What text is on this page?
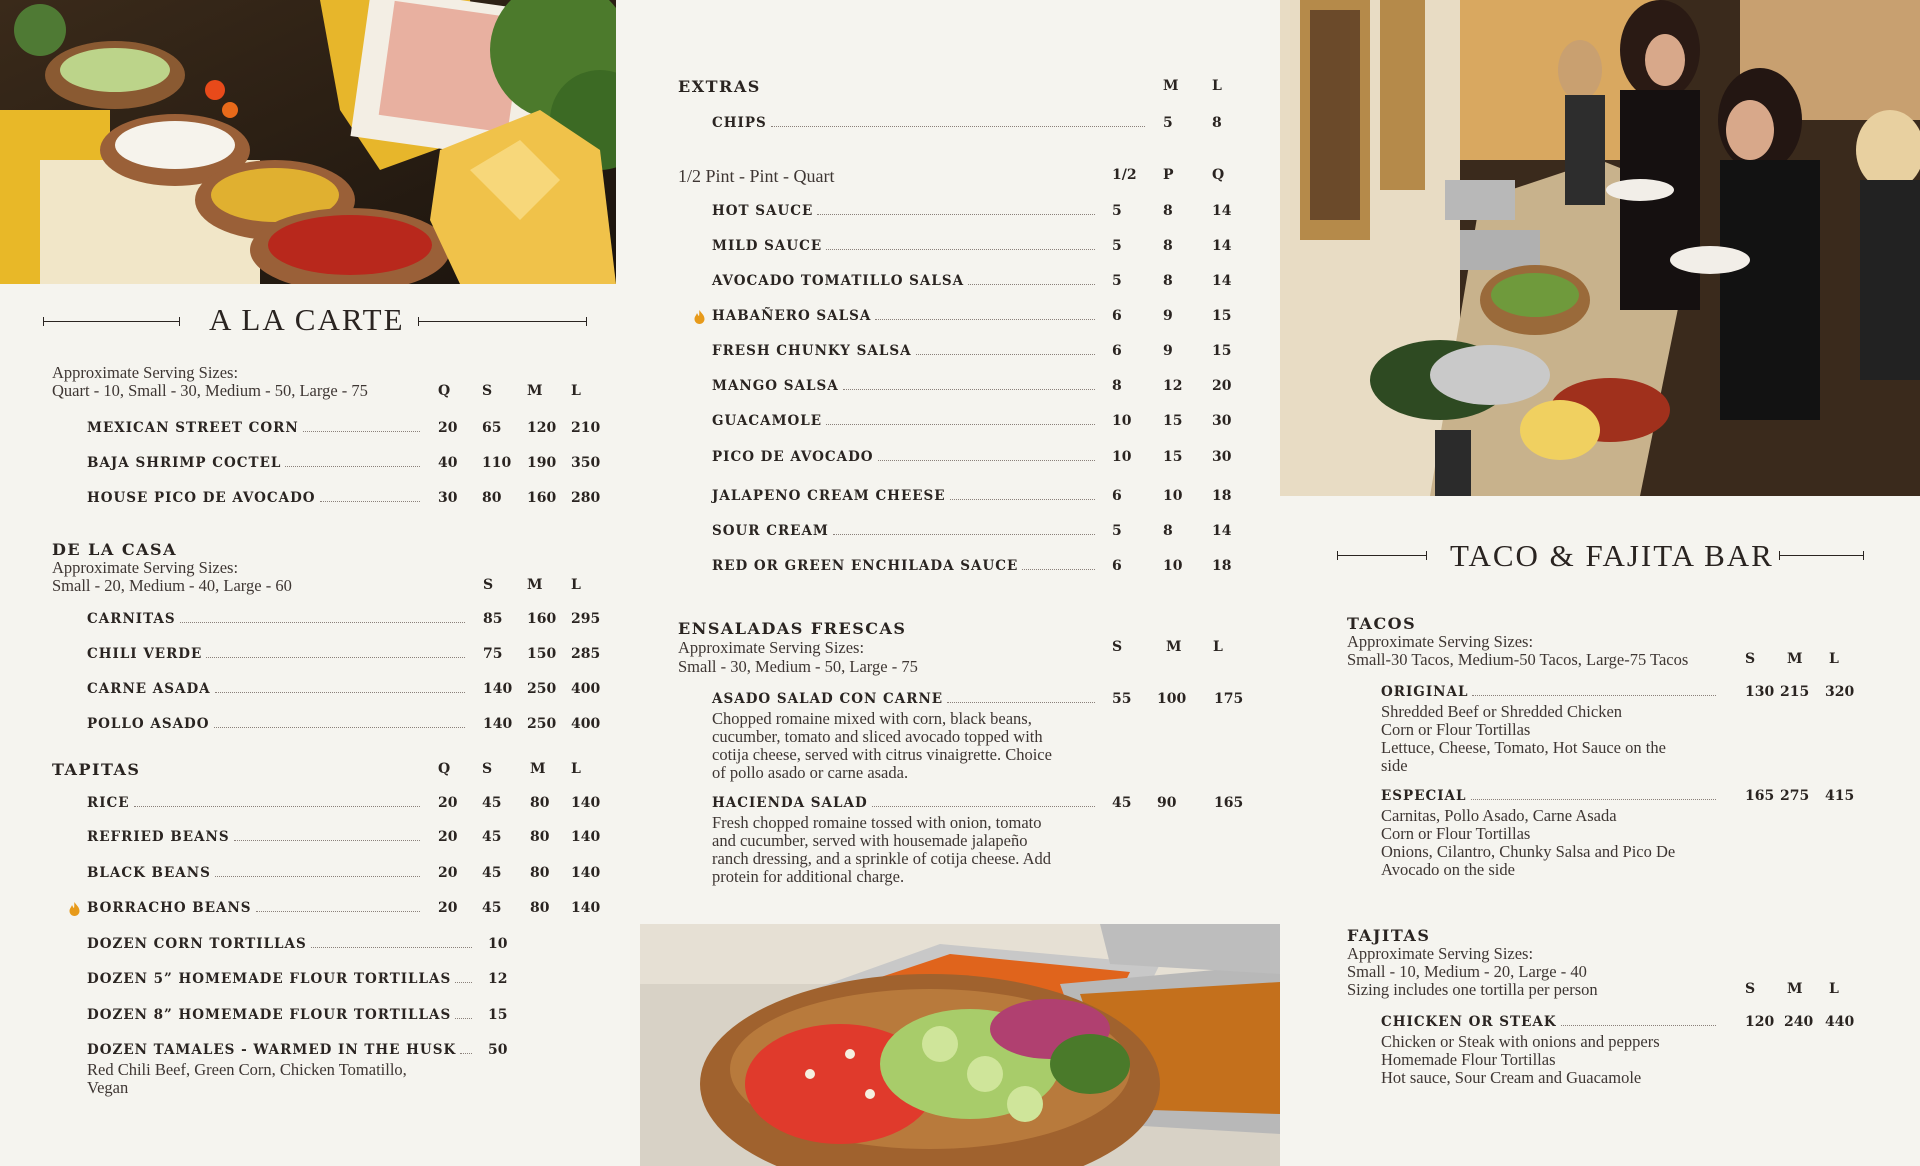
A LA CARTE
Approximate Serving Sizes:
Quart - 10, Small - 30, Medium - 50, Large - 75	Q S M L
MEXICAN STREET CORN	20 65 120 210
BAJA SHRIMP COCTEL	40 110 190 350
HOUSE PICO DE AVOCADO	30 80 160 280
DE LA CASA
Approximate Serving Sizes:
Small - 20, Medium - 40, Large - 60	S M L
CARNITAS	85 160 295
CHILI VERDE	75 150 285
CARNE ASADA	140 250 400
POLLO ASADO	140 250 400
TAPITAS	Q S	M L
RICE	20 45 80 140
REFRIED BEANS	20 45 80 140
BLACK BEANS	20 45 80 140
BORRACHO BEANS	20 45 80 140
DOZEN CORN TORTILLAS	10
DOZEN 5” HOMEMADE FLOUR TORTILLAS	12
DOZEN 8” HOMEMADE FLOUR TORTILLAS	15
DOZEN TAMALES - WARMED IN THE HUSK 50
Red Chili Beef, Green Corn, Chicken Tomatillo,
Vegan
EXTRAS	M L
CHIPS	5	8
1/2 Pint - Pint - Quart	1/2 P	Q
HOT SAUCE	5	8	14
MILD SAUCE	5	8	14
AVOCADO TOMATILLO SALSA	5	8	14
HABAÑERO SALSA	6	9	15
FRESH CHUNKY SALSA	6	9	15
MANGO SALSA	8	12 20
GUACAMOLE	10 15 30
PICO DE AVOCADO	10 15 30
JALAPENO CREAM CHEESE	6	10 18
SOUR CREAM	5	8	14
RED OR GREEN ENCHILADA SAUCE	6	10 18
ENSALADAS FRESCAS
Approximate Serving Sizes:
Small - 30, Medium - 50, Large - 75
S	M L
ASADO SALAD CON CARNE	55 100 175
Chopped romaine mixed with corn, black beans,
cucumber, tomato and sliced avocado topped with
cotija cheese, served with citrus vinaigrette. Choice
of pollo asado or carne asada.
HACIENDA SALAD	45 90	165
Fresh chopped romaine tossed with onion, tomato
and cucumber, served with housemade jalapeño
ranch dressing, and a sprinkle of cotija cheese. Add
protein for additional charge.
TACO & FAJITA BAR
TACOS
Approximate Serving Sizes:
Small-30 Tacos, Medium-50 Tacos, Large-75 Tacos	S M L
ORIGINAL	130 215 320
Shredded Beef or Shredded Chicken
Corn or Flour Tortillas
Lettuce, Cheese, Tomato, Hot Sauce on the
side
ESPECIAL	165 275 415
Carnitas, Pollo Asado, Carne Asada
Corn or Flour Tortillas
Onions, Cilantro, Chunky Salsa and Pico De
Avocado on the side
FAJITAS
Approximate Serving Sizes:
Small - 10, Medium - 20, Large - 40
Sizing includes one tortilla per person	S M L
CHICKEN OR STEAK	120 240 440
Chicken or Steak with onions and peppers
Homemade Flour Tortillas
Hot sauce, Sour Cream and Guacamole
